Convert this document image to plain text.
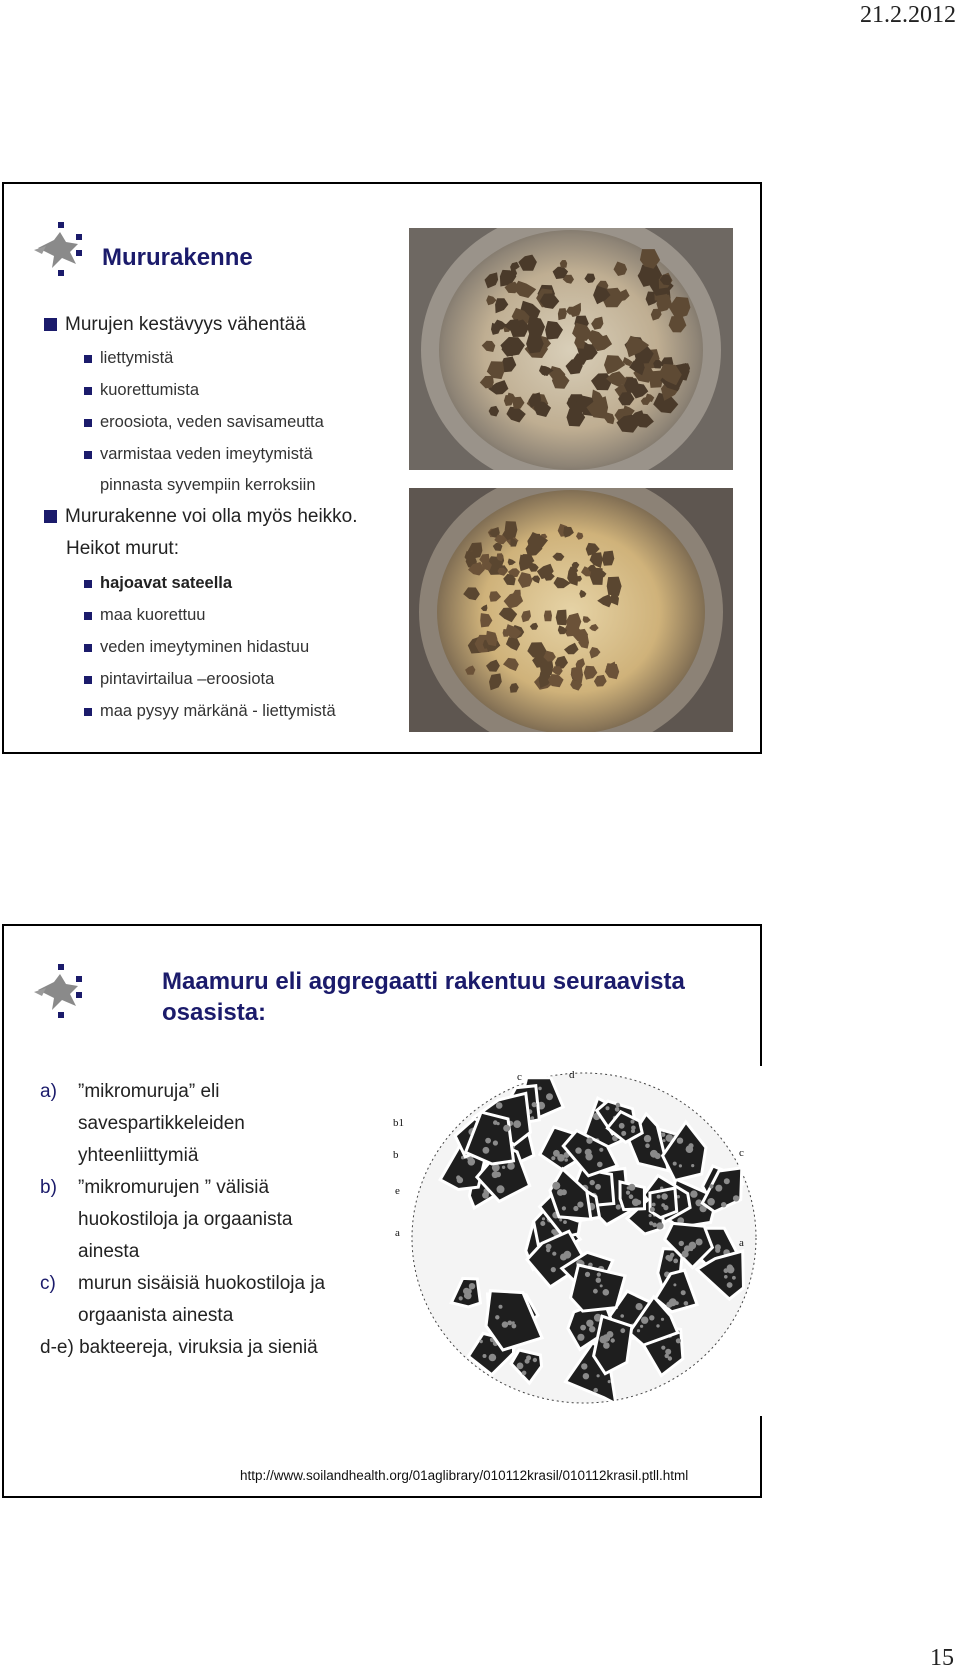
21.2.2012
Mururakenne
Murujen kestävyys vähentää
liettymistä
kuorettumista
eroosiota, veden savisameutta
varmistaa veden imeytymistä
pinnasta syvempiin kerroksiin
Mururakenne voi olla myös heikko.
Heikot murut:
hajoavat sateella
maa kuorettuu
veden imeytyminen hidastuu
pintavirtailua –eroosiota
maa pysyy märkänä - liettymistä
Maamuru eli aggregaatti rakentuu seuraavista osasista:
a)	”mikromuruja” eli
savespartikkeleiden
yhteenliittymiä
b)	”mikromurujen ” välisiä
huokostiloja ja orgaanista
ainesta
c)	murun sisäisiä huokostiloja ja
orgaanista ainesta
d-e) bakteereja, viruksia ja sieniä
b1
b
e
a
c	d
c
a
http://www.soilandhealth.org/01aglibrary/010112krasil/010112krasil.ptll.html
15
